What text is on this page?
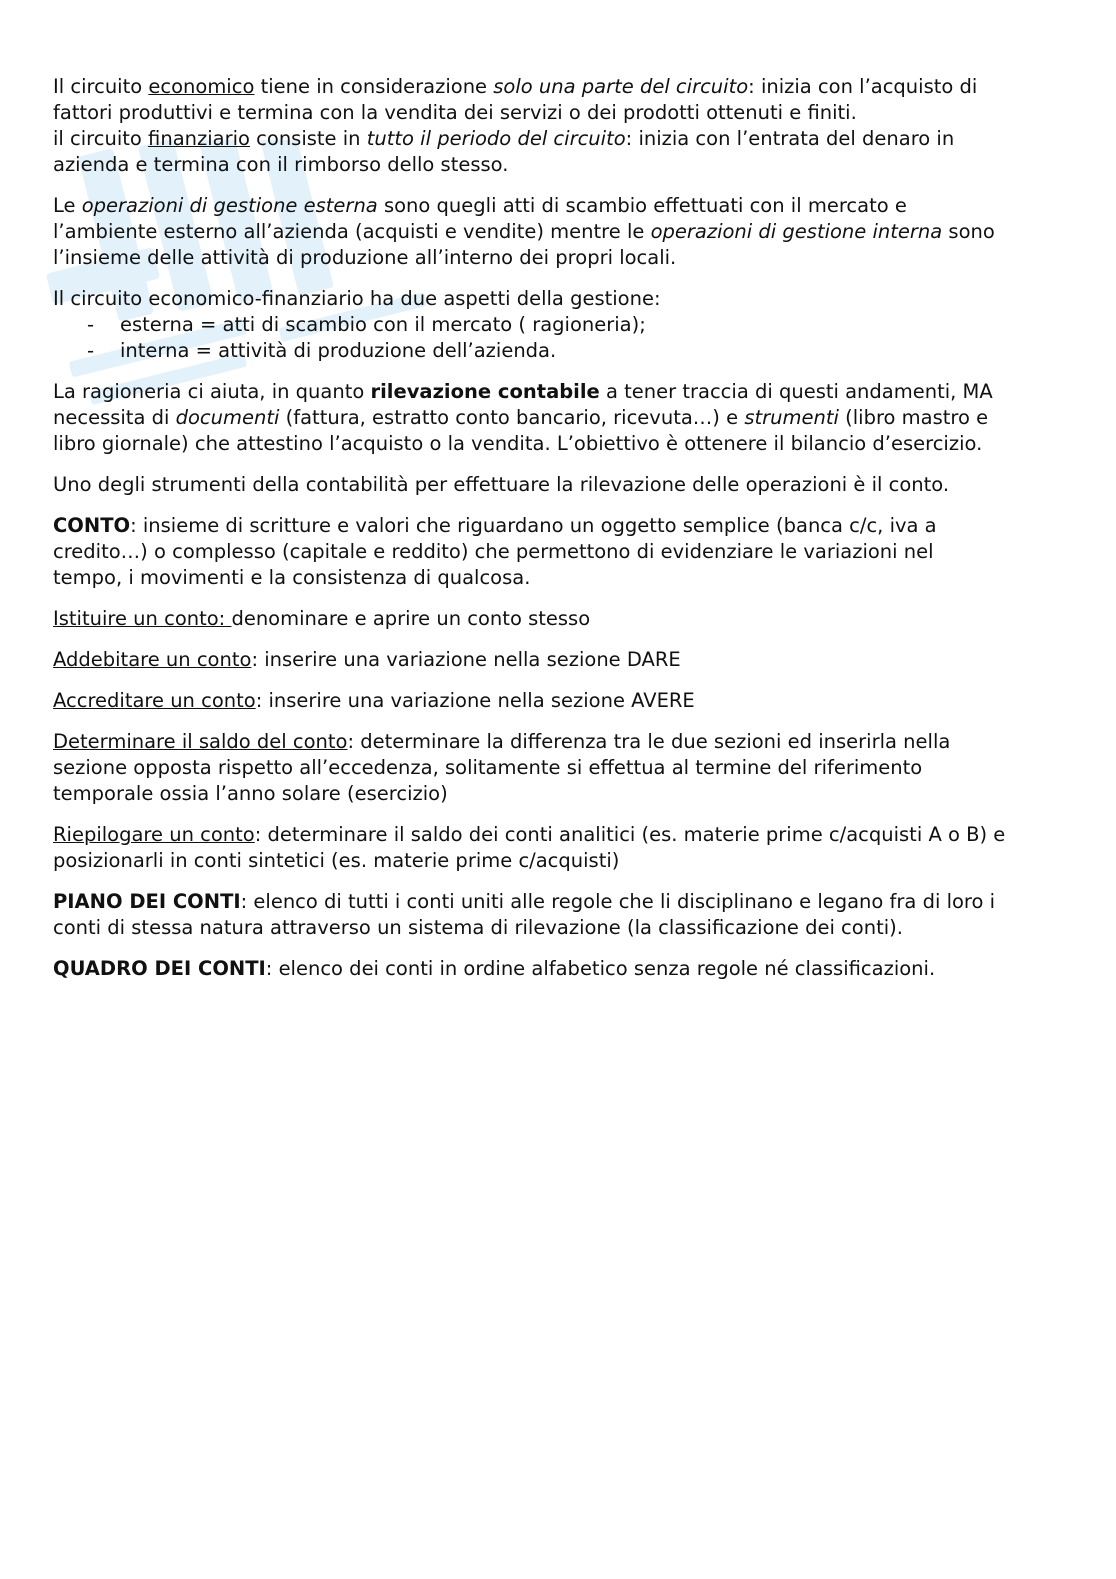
Il circuito economico tiene in considerazione solo una parte del circuito: inizia con l’acquisto di
fattori produttivi e termina con la vendita dei servizi o dei prodotti ottenuti e finiti.
il circuito finanziario consiste in tutto il periodo del circuito: inizia con l’entrata del denaro in
azienda e termina con il rimborso dello stesso.

Le operazioni di gestione esterna sono quegli atti di scambio effettuati con il mercato e
l’ambiente esterno all’azienda (acquisti e vendite) mentre le operazioni di gestione interna sono
l’insieme delle attività di produzione all’interno dei propri locali.

Il circuito economico-finanziario ha due aspetti della gestione:

- esterna = atti di scambio con il mercato ( ragioneria);
- interna = attività di produzione dell’azienda.

La ragioneria ci aiuta, in quanto rilevazione contabile a tener traccia di questi andamenti, MA
necessita di documenti (fattura, estratto conto bancario, ricevuta…) e strumenti (libro mastro e
libro giornale) che attestino l’acquisto o la vendita. L’obiettivo è ottenere il bilancio d’esercizio.

Uno degli strumenti della contabilità per effettuare la rilevazione delle operazioni è il conto.

CONTO: insieme di scritture e valori che riguardano un oggetto semplice (banca c/c, iva a
credito…) o complesso (capitale e reddito) che permettono di evidenziare le variazioni nel
tempo, i movimenti e la consistenza di qualcosa.

Istituire un conto: denominare e aprire un conto stesso

Addebitare un conto: inserire una variazione nella sezione DARE

Accreditare un conto: inserire una variazione nella sezione AVERE

Determinare il saldo del conto: determinare la differenza tra le due sezioni ed inserirla nella
sezione opposta rispetto all’eccedenza, solitamente si effettua al termine del riferimento
temporale ossia l’anno solare (esercizio)

Riepilogare un conto: determinare il saldo dei conti analitici (es. materie prime c/acquisti A o B) e
posizionarli in conti sintetici (es. materie prime c/acquisti)

PIANO DEI CONTI: elenco di tutti i conti uniti alle regole che li disciplinano e legano fra di loro i
conti di stessa natura attraverso un sistema di rilevazione (la classificazione dei conti).

QUADRO DEI CONTI: elenco dei conti in ordine alfabetico senza regole né classificazioni.
